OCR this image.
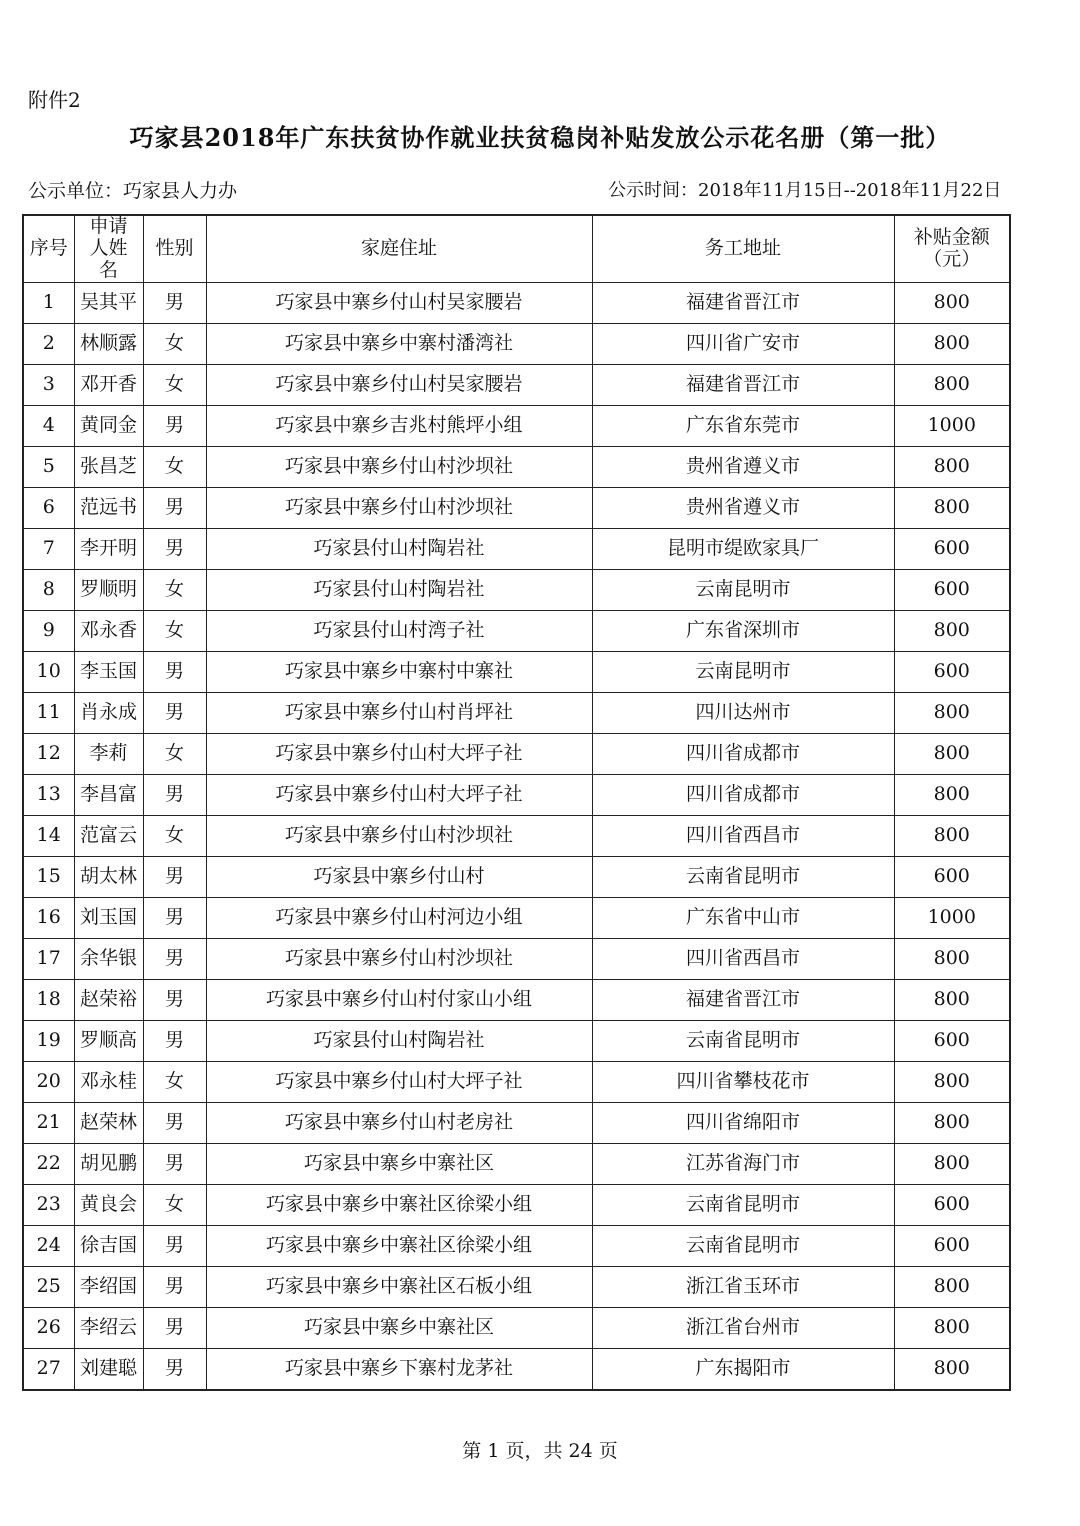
附件2
巧家县2018年广东扶贫协作就业扶贫稳岗补贴发放公示花名册（第一批）
公示单位：巧家县人力办	公示时间：2018年11月15日--2018年11月22日
序号	申请人姓名	性别	家庭住址	务工地址	补贴金额（元）
1	吴其平	男	巧家县中寨乡付山村吴家腰岩	福建省晋江市	800
2	林顺露	女	巧家县中寨乡中寨村潘湾社	四川省广安市	800
3	邓开香	女	巧家县中寨乡付山村吴家腰岩	福建省晋江市	800
4	黄同金	男	巧家县中寨乡吉兆村熊坪小组	广东省东莞市	1000
5	张昌芝	女	巧家县中寨乡付山村沙坝社	贵州省遵义市	800
6	范远书	男	巧家县中寨乡付山村沙坝社	贵州省遵义市	800
7	李开明	男	巧家县付山村陶岩社	昆明市缇欧家具厂	600
8	罗顺明	女	巧家县付山村陶岩社	云南昆明市	600
9	邓永香	女	巧家县付山村湾子社	广东省深圳市	800
10	李玉国	男	巧家县中寨乡中寨村中寨社	云南昆明市	600
11	肖永成	男	巧家县中寨乡付山村肖坪社	四川达州市	800
12	李莉	女	巧家县中寨乡付山村大坪子社	四川省成都市	800
13	李昌富	男	巧家县中寨乡付山村大坪子社	四川省成都市	800
14	范富云	女	巧家县中寨乡付山村沙坝社	四川省西昌市	800
15	胡太林	男	巧家县中寨乡付山村	云南省昆明市	600
16	刘玉国	男	巧家县中寨乡付山村河边小组	广东省中山市	1000
17	余华银	男	巧家县中寨乡付山村沙坝社	四川省西昌市	800
18	赵荣裕	男	巧家县中寨乡付山村付家山小组	福建省晋江市	800
19	罗顺高	男	巧家县付山村陶岩社	云南省昆明市	600
20	邓永桂	女	巧家县中寨乡付山村大坪子社	四川省攀枝花市	800
21	赵荣林	男	巧家县中寨乡付山村老房社	四川省绵阳市	800
22	胡见鹏	男	巧家县中寨乡中寨社区	江苏省海门市	800
23	黄良会	女	巧家县中寨乡中寨社区徐梁小组	云南省昆明市	600
24	徐吉国	男	巧家县中寨乡中寨社区徐梁小组	云南省昆明市	600
25	李绍国	男	巧家县中寨乡中寨社区石板小组	浙江省玉环市	800
26	李绍云	男	巧家县中寨乡中寨社区	浙江省台州市	800
27	刘建聪	男	巧家县中寨乡下寨村龙茅社	广东揭阳市	800
第 1 页，共 24 页
